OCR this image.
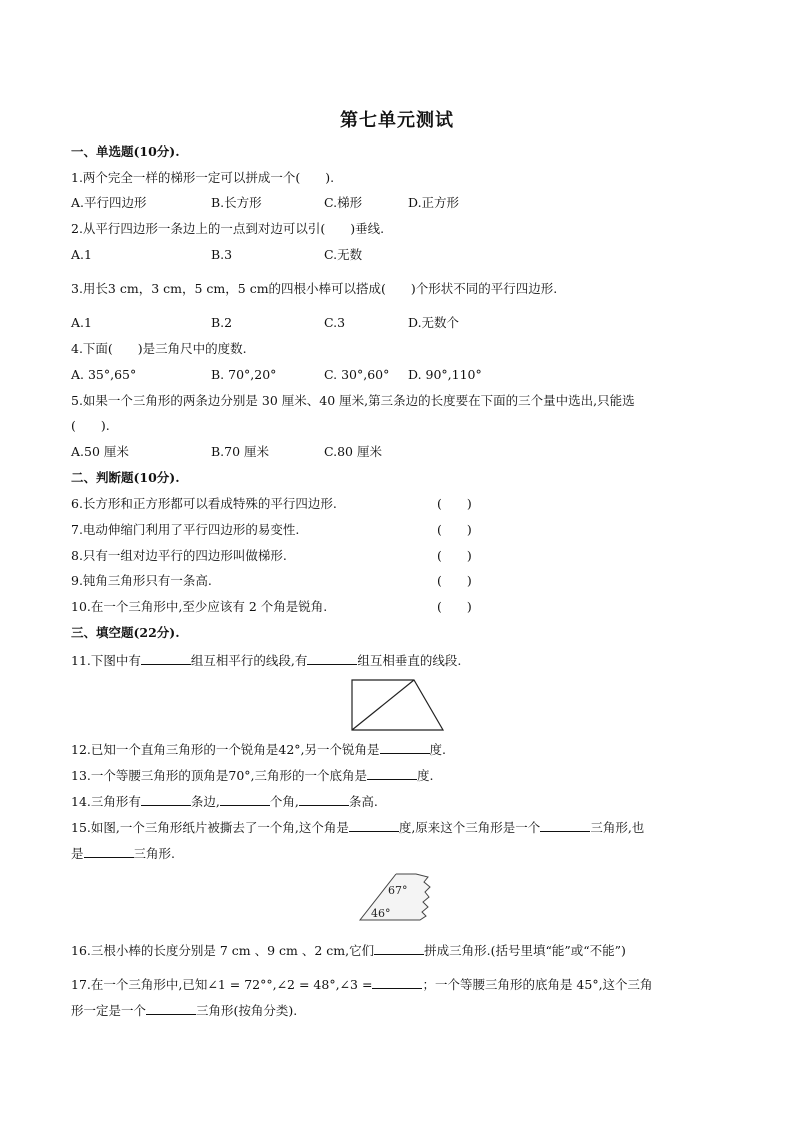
第七单元测试
一、单选题(10分).
1.两个完全一样的梯形一定可以拼成一个(　　).
A.平行四边形	B.长方形	C.梯形	D.正方形
2.从平行四边形一条边上的一点到对边可以引(　　)垂线.
A.1	B.3	C.无数
3.用长3 cm，3 cm，5 cm，5 cm的四根小棒可以搭成(　　)个形状不同的平行四边形.
A.1	B.2	C.3	D.无数个
4.下面(　　)是三角尺中的度数.
A. 35°,65°	B. 70°,20°	C. 30°,60° D. 90°,110°
5.如果一个三角形的两条边分别是 30 厘米、40 厘米,第三条边的长度要在下面的三个量中选出,只能选
(　　).
A.50 厘米	B.70 厘米	C.80 厘米
二、判断题(10分).
6.长方形和正方形都可以看成特殊的平行四边形.	(　　)
7.电动伸缩门利用了平行四边形的易变性.	(　　)
8.只有一组对边平行的四边形叫做梯形.	(　　)
9.钝角三角形只有一条高.	(　　)
10.在一个三角形中,至少应该有 2 个角是锐角.	(　　)
三、填空题(22分).
11.下图中有	组互相平行的线段,有	组互相垂直的线段.
12.已知一个直角三角形的一个锐角是42°,另一个锐角是	度.
13.一个等腰三角形的顶角是70°,三角形的一个底角是	度.
14.三角形有	条边,	个角,	条高.
15.如图,一个三角形纸片被撕去了一个角,这个角是	度,原来这个三角形是一个	三角形,也
是	三角形.
67°
46°
16.三根小棒的长度分别是 7 cm 、9 cm 、2 cm,它们	拼成三角形.(括号里填“能”或“不能”)
17.在一个三角形中,已知∠1 = 72°°,∠2 = 48°,∠3 =	；一个等腰三角形的底角是 45°,这个三角
形一定是一个	三角形(按角分类).
